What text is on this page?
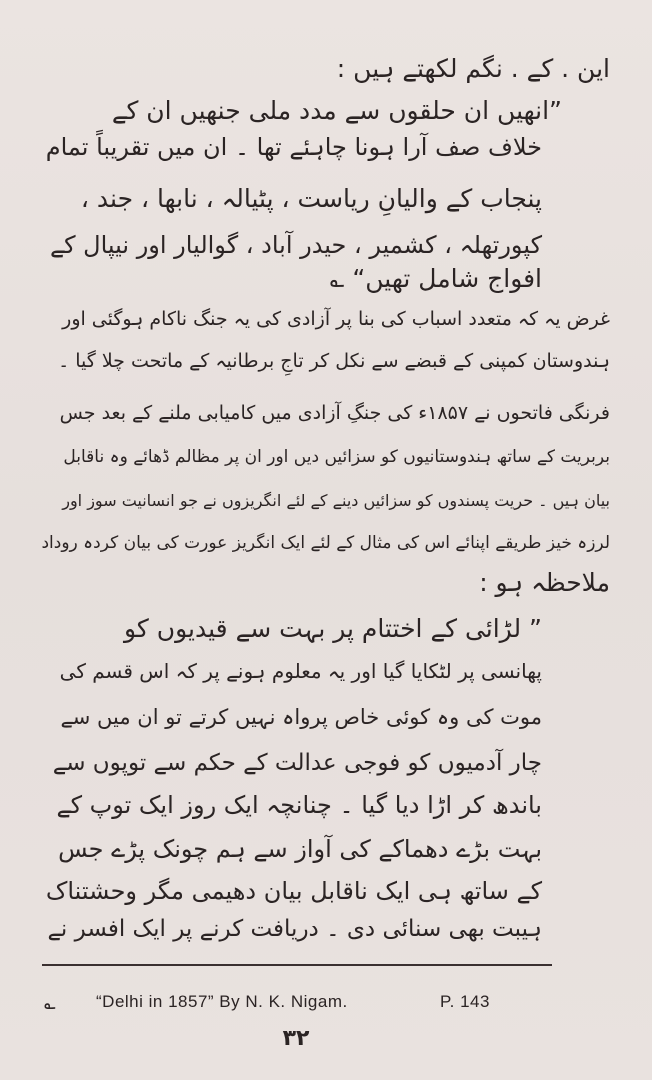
این . کے . نگم لکھتے ہیں :
”انھیں ان حلقوں سے مدد ملی جنھیں ان کے
خلاف صف آرا ہونا چاہئے تھا ۔ ان میں تقریباً تمام
پنجاب کے والیانِ ریاست ، پٹیالہ ، نابھا ، جند ،
کپورتھلہ ، کشمیر ، حیدر آباد ، گوالیار اور نیپال کے
افواج شامل تھیں“ ؎
غرض یہ کہ متعدد اسباب کی بنا پر آزادی کی یہ جنگ ناکام ہوگئی اور
ہندوستان کمپنی کے قبضے سے نکل کر تاجِ برطانیہ کے ماتحت چلا گیا ۔
فرنگی فاتحوں نے ۱۸۵۷ء کی جنگِ آزادی میں کامیابی ملنے کے بعد جس
بربریت کے ساتھ ہندوستانیوں کو سزائیں دیں اور ان پر مظالم ڈھائے وہ ناقابل
بیان ہیں ۔ حریت پسندوں کو سزائیں دینے کے لئے انگریزوں نے جو انسانیت سوز اور
لرزہ خیز طریقے اپنائے اس کی مثال کے لئے ایک انگریز عورت کی بیان کردہ روداد
ملاحظہ ہو :
” لڑائی کے اختتام پر بہت سے قیدیوں کو
پھانسی پر لٹکایا گیا اور یہ معلوم ہونے پر کہ اس قسم کی
موت کی وہ کوئی خاص پرواہ نہیں کرتے تو ان میں سے
چار آدمیوں کو فوجی عدالت کے حکم سے توپوں سے
باندھ کر اڑا دیا گیا ۔ چنانچہ ایک روز ایک توپ کے
بہت بڑے دھماکے کی آواز سے ہم چونک پڑے جس
کے ساتھ ہی ایک ناقابل بیان دھیمی مگر وحشتناک
ہیبت بھی سنائی دی ۔ دریافت کرنے پر ایک افسر نے
؎ “Delhi in 1857” By N. K. Nigam.	P. 143
۳۲
